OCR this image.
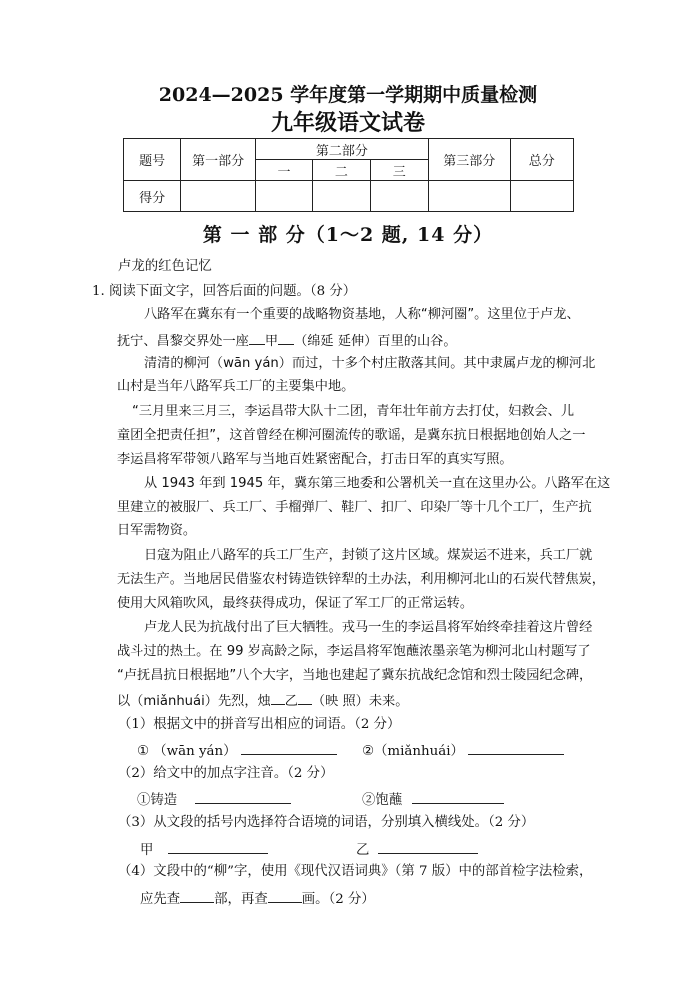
2024—2025 学年度第一学期期中质量检测
九年级语文试卷
题号	第一部分	第二部分			第三部分	总分
		一	二	三		
得分						
第 一 部 分（1～2 题, 14 分）
卢龙的红色记忆
1. 阅读下面文字，回答后面的问题。（8 分）
八路军在冀东有一个重要的战略物资基地，人称“柳河圈”。这里位于卢龙、
抚宁、昌黎交界处一座 甲 （绵延 延伸）百里的山谷。
清清的柳河（wān yán）而过，十多个村庄散落其间。其中隶属卢龙的柳河北
山村是当年八路军兵工厂的主要集中地。
“三月里来三月三，李运昌带大队十二团，青年壮年前方去打仗，妇救会、儿
童团全把责任担”，这首曾经在柳河圈流传的歌谣，是冀东抗日根据地创始人之一
李运昌将军带领八路军与当地百姓紧密配合，打击日军的真实写照。
从 1943 年到 1945 年，冀东第三地委和公署机关一直在这里办公。八路军在这
里建立的被服厂、兵工厂、手榴弹厂、鞋厂、扣厂、印染厂等十几个工厂，生产抗
日军需物资。
日寇为阻止八路军的兵工厂生产，封锁了这片区域。煤炭运不进来，兵工厂就
无法生产。当地居民借鉴农村铸造铁锌犁的土办法，利用柳河北山的石炭代替焦炭，
使用大风箱吹风，最终获得成功，保证了军工厂的正常运转。
卢龙人民为抗战付出了巨大牺牲。戎马一生的李运昌将军始终牵挂着这片曾经
战斗过的热土。在 99 岁高龄之际，李运昌将军饱蘸浓墨亲笔为柳河北山村题写了
“卢抚昌抗日根据地”八个大字，当地也建起了冀东抗战纪念馆和烈士陵园纪念碑，
以（miǎnhuái）先烈，烛 乙 （映 照）未来。
（1）根据文中的拼音写出相应的词语。（2 分）
① （wān yán）	②（miǎnhuái）
（2）给文中的加点字注音。（2 分）
①铸造	②饱蘸
（3）从文段的括号内选择符合语境的词语，分别填入横线处。（2 分）
甲	乙
（4）文段中的“柳”字，使用《现代汉语词典》（第 7 版）中的部首检字法检索，
应先查	部，再查	画。（2 分）
